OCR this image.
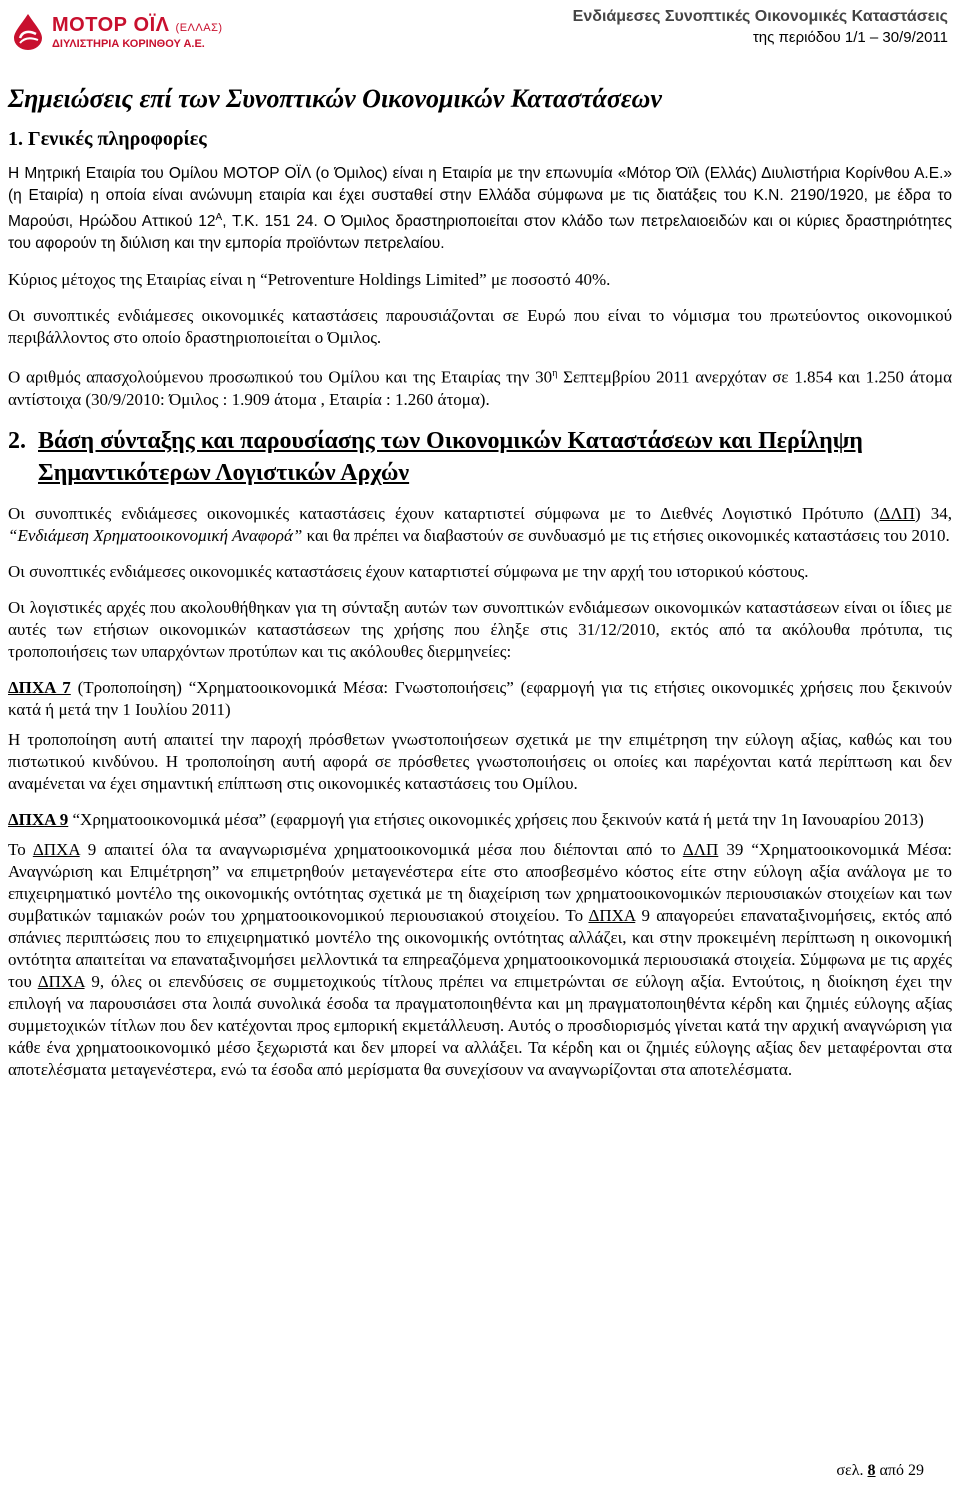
ΜΟΤΟΡ ΟΪΛ (ΕΛΛΑΣ)
ΔΙΥΛΙΣΤΗΡΙΑ ΚΟΡΙΝΘΟΥ Α.Ε.
Ενδιάμεσες Συνοπτικές Οικονομικές Καταστάσεις
της περιόδου 1/1 – 30/9/2011
Σημειώσεις επί των Συνοπτικών Οικονομικών Καταστάσεων
1. Γενικές πληροφορίες

Η Μητρική Εταιρία του Ομίλου ΜΟΤΟΡ ΟΪΛ (ο Όμιλος) είναι η Εταιρία με την επωνυμία «Μότορ Όϊλ (Ελλάς) Διυλιστήρια Κορίνθου Α.Ε.» (η Εταιρία) η οποία είναι ανώνυμη εταιρία και έχει συσταθεί στην Ελλάδα σύμφωνα με τις διατάξεις του Κ.Ν. 2190/1920, με έδρα το Μαρούσι, Ηρώδου Αττικού $12^A$, Τ.Κ. 151 24. Ο Όμιλος δραστηριοποιείται στον κλάδο των πετρελαιοειδών και οι κύριες δραστηριότητες του αφορούν τη διύλιση και την εμπορία προϊόντων πετρελαίου.

Κύριος μέτοχος της Εταιρίας είναι η “Petroventure Holdings Limited” με ποσοστό 40%.

Οι συνοπτικές ενδιάμεσες οικονομικές καταστάσεις παρουσιάζονται σε Ευρώ που είναι το νόμισμα του πρωτεύοντος οικονομικού περιβάλλοντος στο οποίο δραστηριοποιείται ο Όμιλος.

Ο αριθμός απασχολούμενου προσωπικού του Ομίλου και της Εταιρίας την $30^\eta$ Σεπτεμβρίου 2011 ανερχόταν σε 1.854 και 1.250 άτομα αντίστοιχα (30/9/2010: Όμιλος : 1.909 άτομα , Εταιρία : 1.260 άτομα).

2. Βάση σύνταξης και παρουσίασης των Οικονομικών Καταστάσεων και Περίληψη Σημαντικότερων Λογιστικών Αρχών

Οι συνοπτικές ενδιάμεσες οικονομικές καταστάσεις έχουν καταρτιστεί σύμφωνα με το Διεθνές Λογιστικό Πρότυπο (ΔΛΠ) 34, “Ενδιάμεση Χρηματοοικονομική Αναφορά” και θα πρέπει να διαβαστούν σε συνδυασμό με τις ετήσιες οικονομικές καταστάσεις του 2010.

Οι συνοπτικές ενδιάμεσες οικονομικές καταστάσεις έχουν καταρτιστεί σύμφωνα με την αρχή του ιστορικού κόστους.

Οι λογιστικές αρχές που ακολουθήθηκαν για τη σύνταξη αυτών των συνοπτικών ενδιάμεσων οικονομικών καταστάσεων είναι οι ίδιες με αυτές των ετήσιων οικονομικών καταστάσεων της χρήσης που έληξε στις 31/12/2010, εκτός από τα ακόλουθα πρότυπα, τις τροποποιήσεις των υπαρχόντων προτύπων και τις ακόλουθες διερμηνείες:

ΔΠΧΑ 7 (Τροποποίηση) “Χρηματοοικονομικά Μέσα: Γνωστοποιήσεις” (εφαρμογή για τις ετήσιες οικονομικές χρήσεις που ξεκινούν κατά ή μετά την 1 Ιουλίου 2011)

Η τροποποίηση αυτή απαιτεί την παροχή πρόσθετων γνωστοποιήσεων σχετικά με την επιμέτρηση την εύλογη αξίας, καθώς και του πιστωτικού κινδύνου. Η τροποποίηση αυτή αφορά σε πρόσθετες γνωστοποιήσεις οι οποίες και παρέχονται κατά περίπτωση και δεν αναμένεται να έχει σημαντική επίπτωση στις οικονομικές καταστάσεις του Ομίλου.

ΔΠΧΑ 9 “Χρηματοοικονομικά μέσα” (εφαρμογή για ετήσιες οικονομικές χρήσεις που ξεκινούν κατά ή μετά την 1η Ιανουαρίου 2013)

Το ΔΠΧΑ 9 απαιτεί όλα τα αναγνωρισμένα χρηματοοικονομικά μέσα που διέπονται από το ΔΛΠ 39 “Χρηματοοικονομικά Μέσα: Αναγνώριση και Επιμέτρηση” να επιμετρηθούν μεταγενέστερα είτε στο αποσβεσμένο κόστος είτε στην εύλογη αξία ανάλογα με το επιχειρηματικό μοντέλο της οικονομικής οντότητας σχετικά με τη διαχείριση των χρηματοοικονομικών περιουσιακών στοιχείων και των συμβατικών ταμιακών ροών του χρηματοοικονομικού περιουσιακού στοιχείου. Το ΔΠΧΑ 9 απαγορεύει επαναταξινομήσεις, εκτός από σπάνιες περιπτώσεις που το επιχειρηματικό μοντέλο της οικονομικής οντότητας αλλάζει, και στην προκειμένη περίπτωση η οικονομική οντότητα απαιτείται να επαναταξινομήσει μελλοντικά τα επηρεαζόμενα χρηματοοικονομικά περιουσιακά στοιχεία. Σύμφωνα με τις αρχές του ΔΠΧΑ 9, όλες οι επενδύσεις σε συμμετοχικούς τίτλους πρέπει να επιμετρώνται σε εύλογη αξία. Εντούτοις, η διοίκηση έχει την επιλογή να παρουσιάσει στα λοιπά συνολικά έσοδα τα πραγματοποιηθέντα και μη πραγματοποιηθέντα κέρδη και ζημιές εύλογης αξίας συμμετοχικών τίτλων που δεν κατέχονται προς εμπορική εκμετάλλευση. Αυτός ο προσδιορισμός γίνεται κατά την αρχική αναγνώριση για κάθε ένα χρηματοοικονομικό μέσο ξεχωριστά και δεν μπορεί να αλλάξει. Τα κέρδη και οι ζημιές εύλογης αξίας δεν μεταφέρονται στα αποτελέσματα μεταγενέστερα, ενώ τα έσοδα από μερίσματα θα συνεχίσουν να αναγνωρίζονται στα αποτελέσματα.

σελ. 8 από 29
